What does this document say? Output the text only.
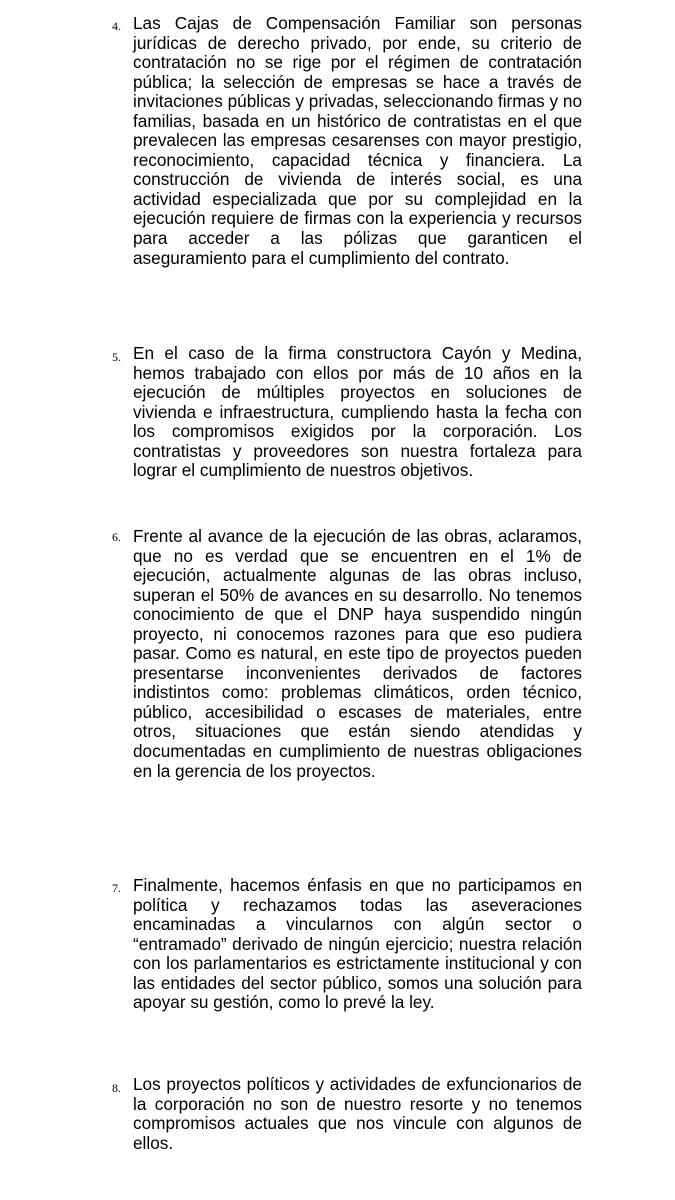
4. Las Cajas de Compensación Familiar son personas jurídicas de derecho privado, por ende, su criterio de contratación no se rige por el régimen de contratación pública; la selección de empresas se hace a través de invitaciones públicas y privadas, seleccionando firmas y no familias, basada en un histórico de contratistas en el que prevalecen las empresas cesarenses con mayor prestigio, reconocimiento, capacidad técnica y financiera. La construcción de vivienda de interés social, es una actividad especializada que por su complejidad en la ejecución requiere de firmas con la experiencia y recursos para acceder a las pólizas que garanticen el aseguramiento para el cumplimiento del contrato.

5. En el caso de la firma constructora Cayón y Medina, hemos trabajado con ellos por más de 10 años en la ejecución de múltiples proyectos en soluciones de vivienda e infraestructura, cumpliendo hasta la fecha con los compromisos exigidos por la corporación. Los contratistas y proveedores son nuestra fortaleza para lograr el cumplimiento de nuestros objetivos.

6. Frente al avance de la ejecución de las obras, aclaramos, que no es verdad que se encuentren en el 1% de ejecución, actualmente algunas de las obras incluso, superan el 50% de avances en su desarrollo. No tenemos conocimiento de que el DNP haya suspendido ningún proyecto, ni conocemos razones para que eso pudiera pasar. Como es natural, en este tipo de proyectos pueden presentarse inconvenientes derivados de factores indistintos como: problemas climáticos, orden técnico, público, accesibilidad o escases de materiales, entre otros, situaciones que están siendo atendidas y documentadas en cumplimiento de nuestras obligaciones en la gerencia de los proyectos.

7. Finalmente, hacemos énfasis en que no participamos en política y rechazamos todas las aseveraciones encaminadas a vincularnos con algún sector o “entramado” derivado de ningún ejercicio; nuestra relación con los parlamentarios es estrictamente institucional y con las entidades del sector público, somos una solución para apoyar su gestión, como lo prevé la ley.

8. Los proyectos políticos y actividades de exfuncionarios de la corporación no son de nuestro resorte y no tenemos compromisos actuales que nos vincule con algunos de ellos.
